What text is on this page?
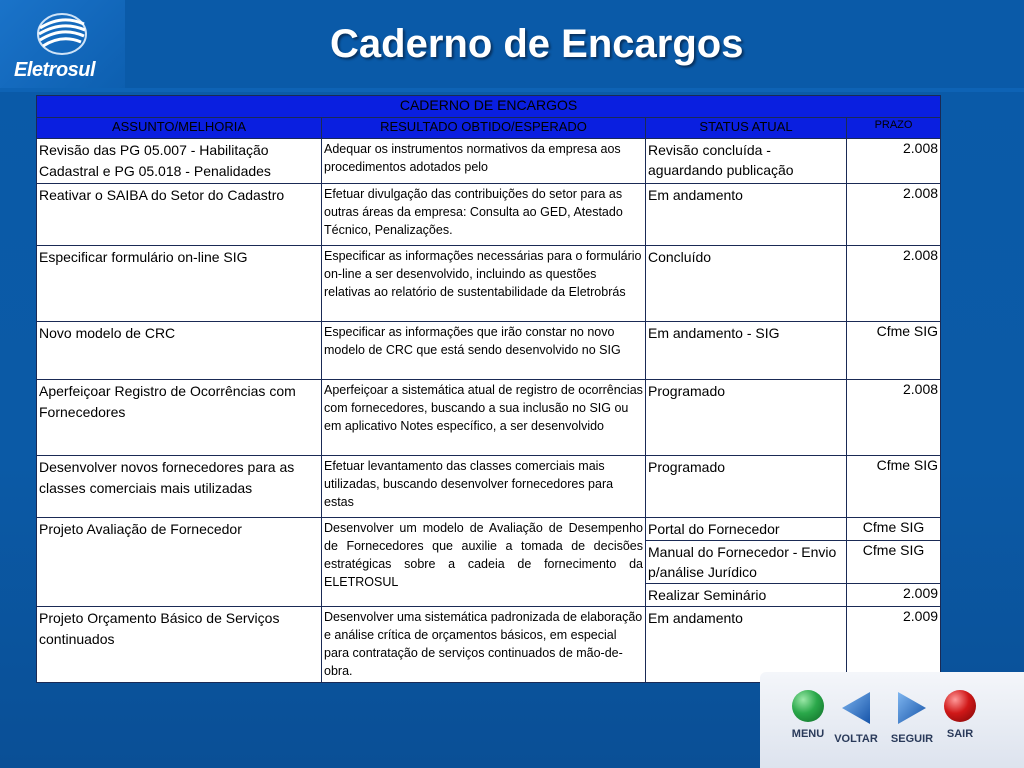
Eletrosul
Caderno de Encargos
CADERNO DE ENCARGOS			
ASSUNTO/MELHORIA	RESULTADO OBTIDO/ESPERADO	STATUS ATUAL	PRAZO
Revisão das PG 05.007 - Habilitação Cadastral e PG 05.018 - Penalidades	Adequar os instrumentos normativos da empresa aos procedimentos adotados pelo	Revisão concluída - aguardando publicação	2.008
Reativar o SAIBA do Setor do Cadastro	Efetuar divulgação das contribuições do setor para as outras áreas da empresa: Consulta ao GED, Atestado Técnico, Penalizações.	Em andamento	2.008
Especificar formulário on-line SIG	Especificar as informações necessárias para o formulário on-line a ser desenvolvido, incluindo as questões relativas ao relatório de sustentabilidade da Eletrobrás	Concluído	2.008
Novo modelo de CRC	Especificar as informações que irão constar no novo modelo de CRC que está sendo desenvolvido no SIG	Em andamento - SIG	Cfme SIG
Aperfeiçoar Registro de Ocorrências com Fornecedores	Aperfeiçoar a sistemática atual de registro de ocorrências com fornecedores, buscando a sua inclusão no SIG ou em aplicativo Notes específico, a ser desenvolvido	Programado	2.008
Desenvolver novos fornecedores para as classes comerciais mais utilizadas	Efetuar levantamento das classes comerciais mais utilizadas, buscando desenvolver fornecedores para estas	Programado	Cfme SIG
Projeto Avaliação de Fornecedor	Desenvolver um modelo de Avaliação de Desempenho de Fornecedores que auxilie a tomada de decisões estratégicas sobre a cadeia de fornecimento da ELETROSUL	Portal do Fornecedor	Cfme SIG
		Manual do Fornecedor - Envio p/análise Jurídico	Cfme SIG
		Realizar Seminário	2.009
Projeto Orçamento Básico de Serviços continuados	Desenvolver uma sistemática padronizada de elaboração e análise crítica de orçamentos básicos, em especial para contratação de serviços continuados de mão-de-obra.	Em andamento	2.009
MENU VOLTAR	SEGUIR	SAIR
